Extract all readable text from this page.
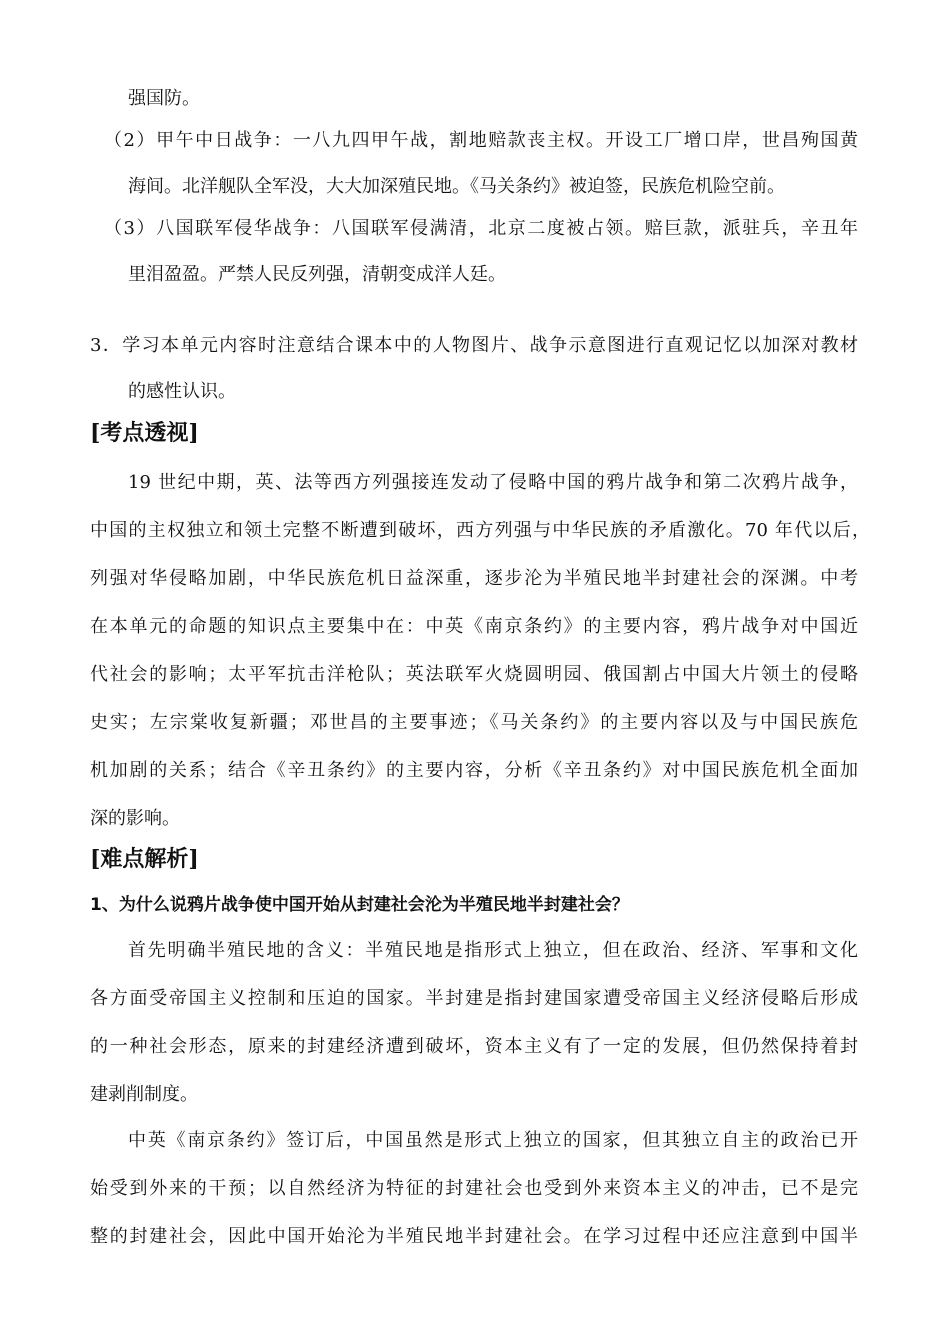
强国防。
（2）甲午中日战争：一八九四甲午战，割地赔款丧主权。开设工厂增口岸，世昌殉国黄
海间。北洋舰队全军没，大大加深殖民地。《马关条约》被迫签，民族危机险空前。
（3）八国联军侵华战争：八国联军侵满清，北京二度被占领。赔巨款，派驻兵，辛丑年
里泪盈盈。严禁人民反列强，清朝变成洋人廷。
3．学习本单元内容时注意结合课本中的人物图片、战争示意图进行直观记忆以加深对教材
的感性认识。
[考点透视]
19 世纪中期，英、法等西方列强接连发动了侵略中国的鸦片战争和第二次鸦片战争，
中国的主权独立和领土完整不断遭到破坏，西方列强与中华民族的矛盾激化。70 年代以后，
列强对华侵略加剧，中华民族危机日益深重，逐步沦为半殖民地半封建社会的深渊。中考
在本单元的命题的知识点主要集中在：中英《南京条约》的主要内容，鸦片战争对中国近
代社会的影响；太平军抗击洋枪队；英法联军火烧圆明园、俄国割占中国大片领土的侵略
史实；左宗棠收复新疆；邓世昌的主要事迹；《马关条约》的主要内容以及与中国民族危
机加剧的关系；结合《辛丑条约》的主要内容，分析《辛丑条约》对中国民族危机全面加
深的影响。
[难点解析]
1、为什么说鸦片战争使中国开始从封建社会沦为半殖民地半封建社会？
首先明确半殖民地的含义：半殖民地是指形式上独立，但在政治、经济、军事和文化
各方面受帝国主义控制和压迫的国家。半封建是指封建国家遭受帝国主义经济侵略后形成
的一种社会形态，原来的封建经济遭到破坏，资本主义有了一定的发展，但仍然保持着封
建剥削制度。
中英《南京条约》签订后，中国虽然是形式上独立的国家，但其独立自主的政治已开
始受到外来的干预；以自然经济为特征的封建社会也受到外来资本主义的冲击，已不是完
整的封建社会，因此中国开始沦为半殖民地半封建社会。在学习过程中还应注意到中国半
